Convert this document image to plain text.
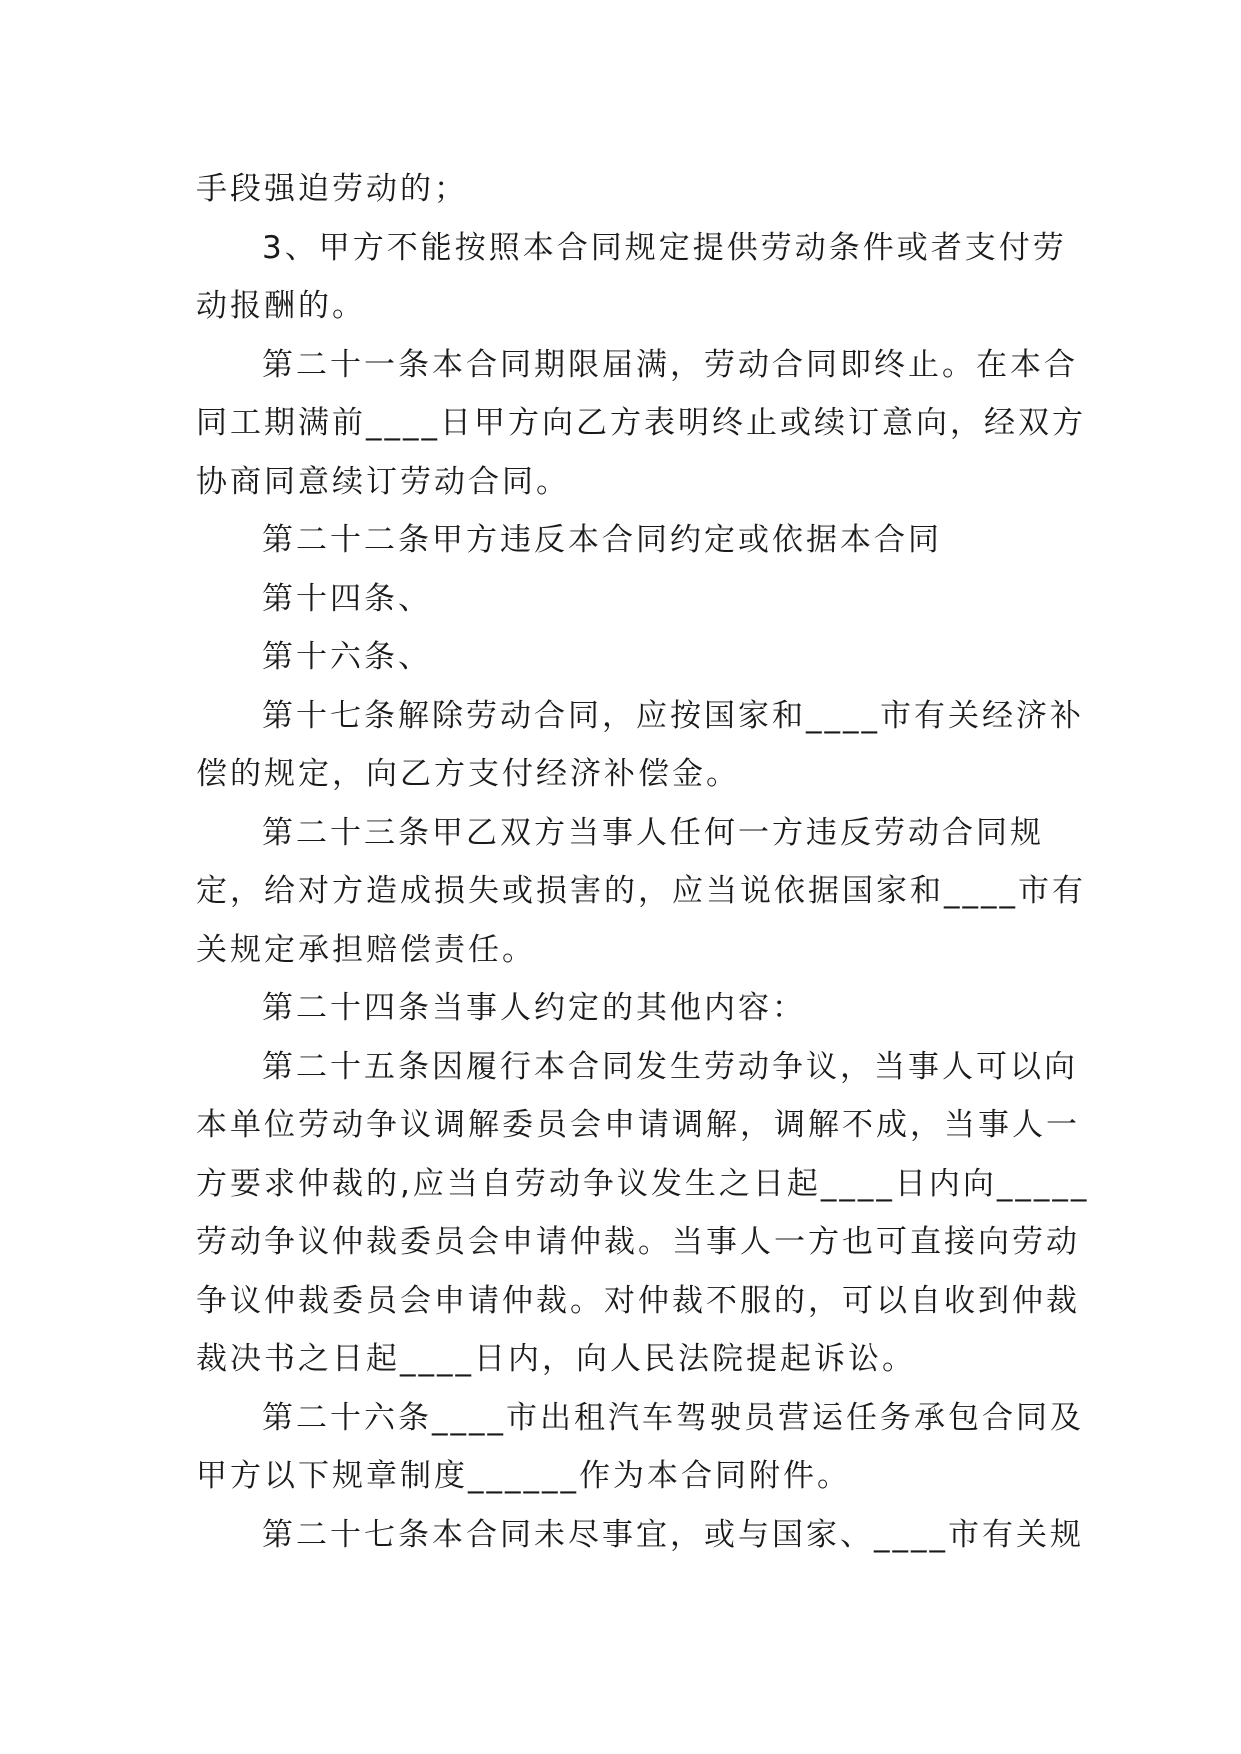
手段强迫劳动的；
3、甲方不能按照本合同规定提供劳动条件或者支付劳
动报酬的。
第二十一条本合同期限届满，劳动合同即终止。在本合
同工期满前____日甲方向乙方表明终止或续订意向，经双方
协商同意续订劳动合同。
第二十二条甲方违反本合同约定或依据本合同
第十四条、
第十六条、
第十七条解除劳动合同，应按国家和____市有关经济补
偿的规定，向乙方支付经济补偿金。
第二十三条甲乙双方当事人任何一方违反劳动合同规
定，给对方造成损失或损害的，应当说依据国家和____市有
关规定承担赔偿责任。
第二十四条当事人约定的其他内容：
第二十五条因履行本合同发生劳动争议，当事人可以向
本单位劳动争议调解委员会申请调解，调解不成，当事人一
方要求仲裁的,应当自劳动争议发生之日起____日内向_____
劳动争议仲裁委员会申请仲裁。当事人一方也可直接向劳动
争议仲裁委员会申请仲裁。对仲裁不服的，可以自收到仲裁
裁决书之日起____日内，向人民法院提起诉讼。
第二十六条____市出租汽车驾驶员营运任务承包合同及
甲方以下规章制度______作为本合同附件。
第二十七条本合同未尽事宜，或与国家、____市有关规
